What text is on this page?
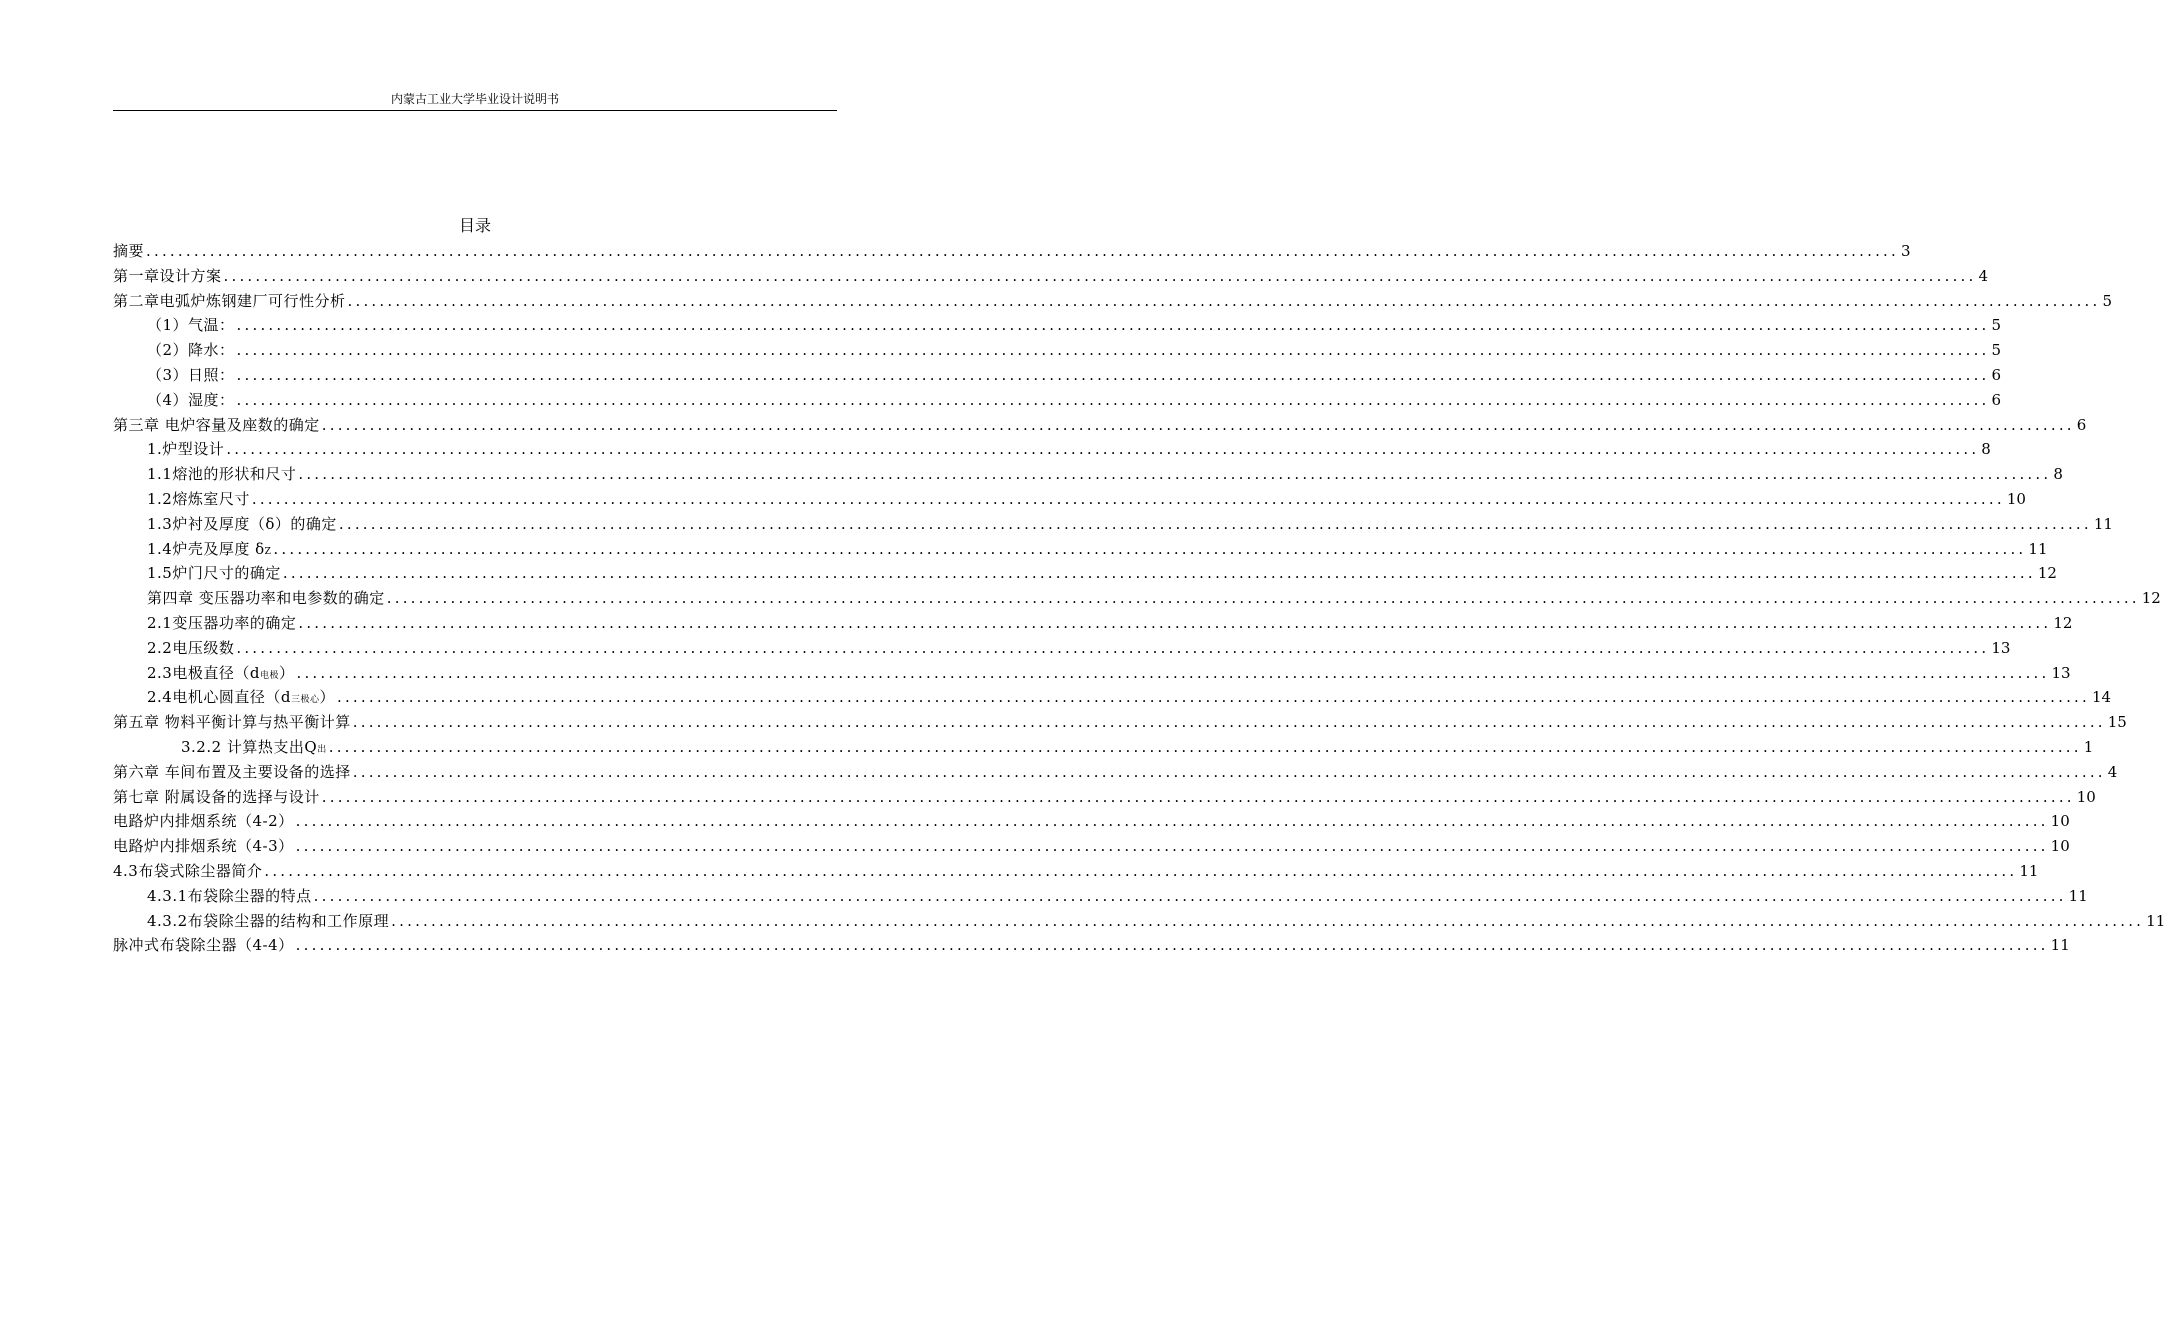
内蒙古工业大学毕业设计说明书
目录
摘要 ............................................................................................................................................................................................................................ 3
第一章设计方案 ............................................................................................................................................................................................................................ 4
第二章电弧炉炼钢建厂可行性分析 ............................................................................................................................................................................................................................ 5
（1）气温： ............................................................................................................................................................................................................................ 5
（2）降水： ............................................................................................................................................................................................................................ 5
（3）日照： ............................................................................................................................................................................................................................ 6
（4）湿度： ............................................................................................................................................................................................................................ 6
第三章 电炉容量及座数的确定 ............................................................................................................................................................................................................................ 6
1.炉型设计 ............................................................................................................................................................................................................................ 8
1.1熔池的形状和尺寸 ............................................................................................................................................................................................................................ 8
1.2熔炼室尺寸 ............................................................................................................................................................................................................................ 10
1.3炉衬及厚度（δ）的确定 ............................................................................................................................................................................................................................ 11
1.4炉壳及厚度 δZ ............................................................................................................................................................................................................................ 11
1.5炉门尺寸的确定 ............................................................................................................................................................................................................................ 12
第四章 变压器功率和电参数的确定 ............................................................................................................................................................................................................................ 12
2.1变压器功率的确定 ............................................................................................................................................................................................................................ 12
2.2电压级数 ............................................................................................................................................................................................................................ 13
2.3电极直径（d电极） ............................................................................................................................................................................................................................ 13
2.4电机心圆直径（d三极心） ............................................................................................................................................................................................................................ 14
第五章 物料平衡计算与热平衡计算 ............................................................................................................................................................................................................................ 15
3.2.2 计算热支出Q出 ............................................................................................................................................................................................................................ 1
第六章 车间布置及主要设备的选择 ............................................................................................................................................................................................................................ 4
第七章 附属设备的选择与设计 ............................................................................................................................................................................................................................ 10
电路炉内排烟系统（4-2） ............................................................................................................................................................................................................................ 10
电路炉内排烟系统（4-3） ............................................................................................................................................................................................................................ 10
4.3布袋式除尘器简介 ............................................................................................................................................................................................................................ 11
4.3.1布袋除尘器的特点 ............................................................................................................................................................................................................................ 11
4.3.2布袋除尘器的结构和工作原理 ............................................................................................................................................................................................................................ 11
脉冲式布袋除尘器（4-4） ............................................................................................................................................................................................................................ 11
